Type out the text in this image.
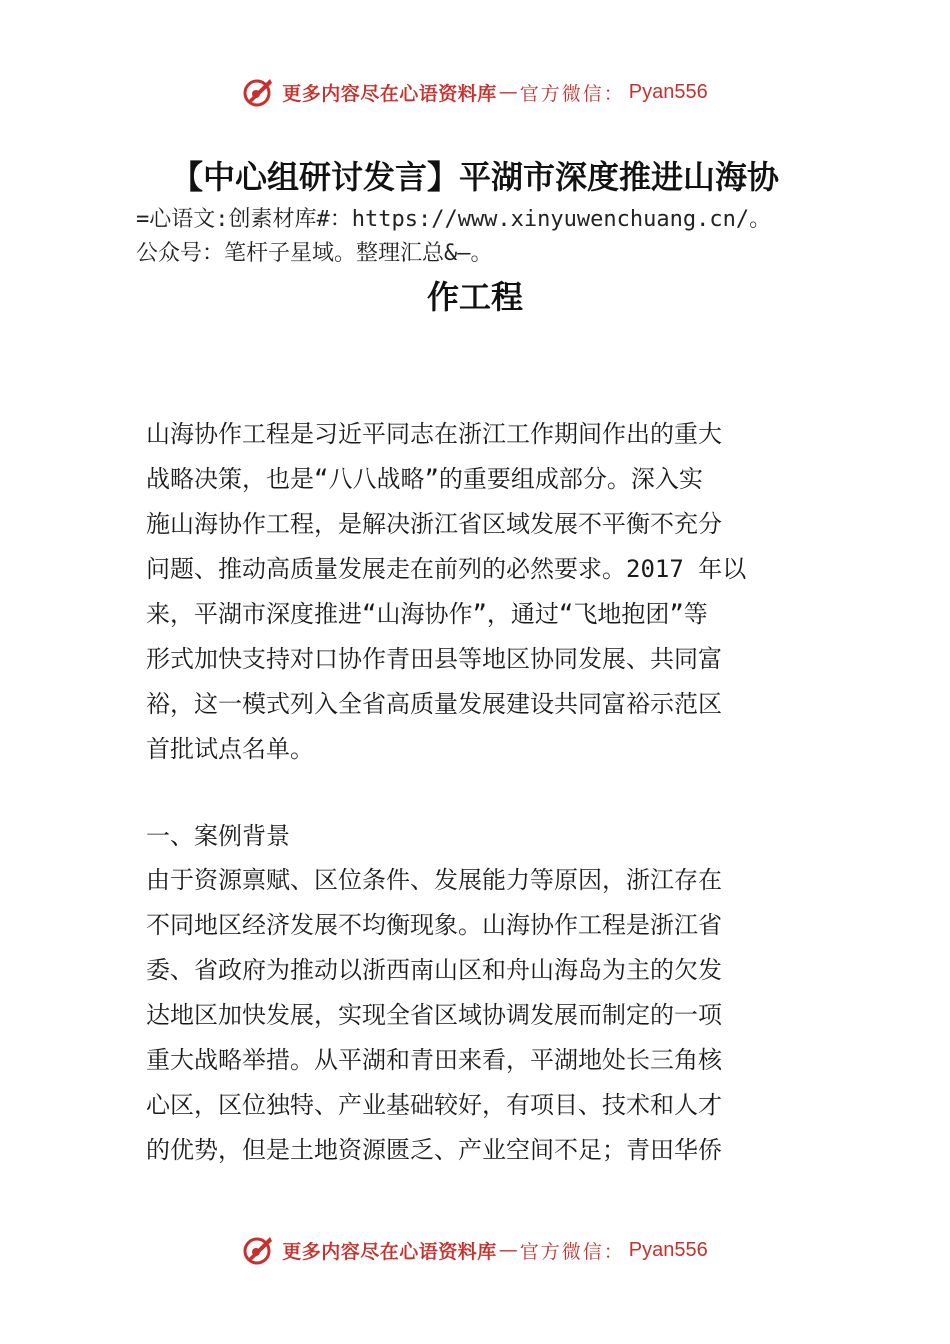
更多内容尽在心语资料库 — 官方微信： Pyan556
【中心组研讨发言】平湖市深度推进山海协
=心语文:创素材库#：https://www.xinyuwenchuang.cn/。
公众号：笔杆子星域。整理汇总&—。
作工程

山海协作工程是习近平同志在浙江工作期间作出的重大

战略决策，也是“八八战略”的重要组成部分。深入实

施山海协作工程，是解决浙江省区域发展不平衡不充分

问题、推动高质量发展走在前列的必然要求。2017 年以

来，平湖市深度推进“山海协作”，通过“飞地抱团”等

形式加快支持对口协作青田县等地区协同发展、共同富

裕，这一模式列入全省高质量发展建设共同富裕示范区

首批试点名单。

一、案例背景

由于资源禀赋、区位条件、发展能力等原因，浙江存在

不同地区经济发展不均衡现象。山海协作工程是浙江省

委、省政府为推动以浙西南山区和舟山海岛为主的欠发

达地区加快发展，实现全省区域协调发展而制定的一项

重大战略举措。从平湖和青田来看，平湖地处长三角核

心区，区位独特、产业基础较好，有项目、技术和人才

的优势，但是土地资源匮乏、产业空间不足；青田华侨

更多内容尽在心语资料库 — 官方微信： Pyan556
